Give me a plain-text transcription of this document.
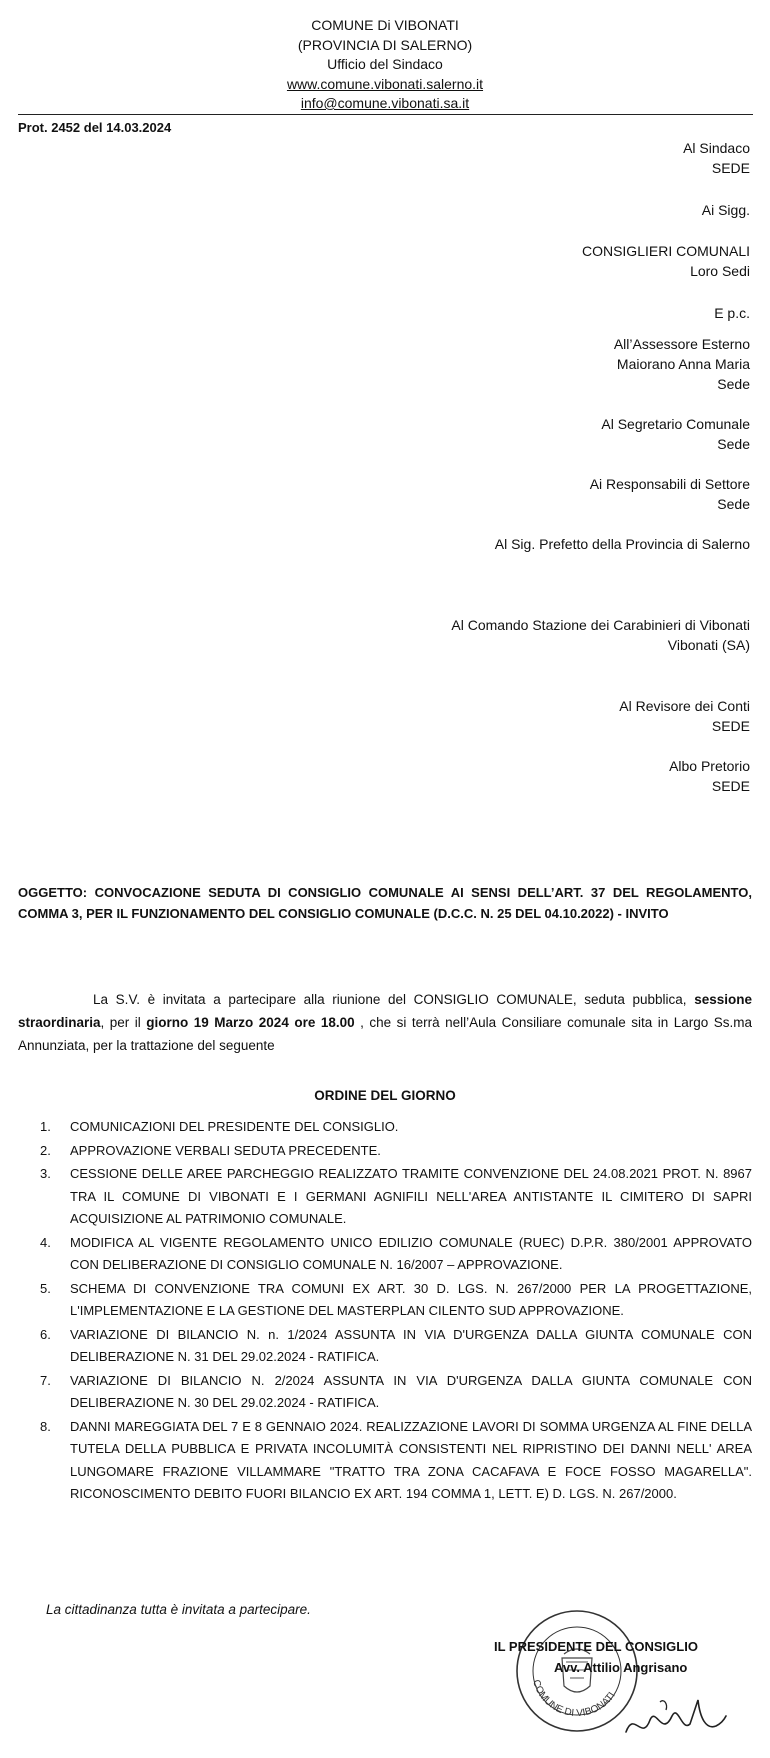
COMUNE Di VIBONATI
(PROVINCIA DI SALERNO)
Ufficio del Sindaco
www.comune.vibonati.salerno.it
info@comune.vibonati.sa.it
Prot. 2452 del 14.03.2024
Al Sindaco
SEDE
Ai Sigg.
CONSIGLIERI COMUNALI
Loro Sedi
E p.c.
All’Assessore Esterno
Maiorano Anna Maria
Sede
Al Segretario Comunale
Sede
Ai Responsabili di Settore
Sede
Al Sig. Prefetto della Provincia di Salerno
Al Comando Stazione dei Carabinieri di Vibonati
Vibonati (SA)
Al Revisore dei Conti
SEDE
Albo Pretorio
SEDE
OGGETTO: CONVOCAZIONE SEDUTA DI CONSIGLIO COMUNALE AI SENSI DELL’ART. 37 DEL REGOLAMENTO, COMMA 3, PER IL FUNZIONAMENTO DEL CONSIGLIO COMUNALE (D.C.C. N. 25 DEL 04.10.2022) - INVITO
La S.V. è invitata a partecipare alla riunione del CONSIGLIO COMUNALE, seduta pubblica, sessione straordinaria, per il giorno 19 Marzo 2024 ore 18.00 , che si terrà nell’Aula Consiliare comunale sita in Largo Ss.ma Annunziata, per la trattazione del seguente
ORDINE DEL GIORNO
1. COMUNICAZIONI DEL PRESIDENTE DEL CONSIGLIO.
2. APPROVAZIONE VERBALI SEDUTA PRECEDENTE.
3. CESSIONE DELLE AREE PARCHEGGIO REALIZZATO TRAMITE CONVENZIONE DEL 24.08.2021 PROT. N. 8967 TRA IL COMUNE DI VIBONATI E I GERMANI AGNIFILI NELL'AREA ANTISTANTE IL CIMITERO DI SAPRI ACQUISIZIONE AL PATRIMONIO COMUNALE.
4. MODIFICA AL VIGENTE REGOLAMENTO UNICO EDILIZIO COMUNALE (RUEC) D.P.R. 380/2001 APPROVATO CON DELIBERAZIONE DI CONSIGLIO COMUNALE N. 16/2007 – APPROVAZIONE.
5. SCHEMA DI CONVENZIONE TRA COMUNI EX ART. 30 D. LGS. N. 267/2000 PER LA PROGETTAZIONE, L'IMPLEMENTAZIONE E LA GESTIONE DEL MASTERPLAN CILENTO SUD APPROVAZIONE.
6. VARIAZIONE DI BILANCIO N. n. 1/2024 ASSUNTA IN VIA D'URGENZA DALLA GIUNTA COMUNALE CON DELIBERAZIONE N. 31 DEL 29.02.2024 - RATIFICA.
7. VARIAZIONE DI BILANCIO N. 2/2024 ASSUNTA IN VIA D'URGENZA DALLA GIUNTA COMUNALE CON DELIBERAZIONE N. 30 DEL 29.02.2024 - RATIFICA.
8. DANNI MAREGGIATA DEL 7 E 8 GENNAIO 2024. REALIZZAZIONE LAVORI DI SOMMA URGENZA AL FINE DELLA TUTELA DELLA PUBBLICA E PRIVATA INCOLUMITÀ CONSISTENTI NEL RIPRISTINO DEI DANNI NELL' AREA LUNGOMARE FRAZIONE VILLAMMARE "TRATTO TRA ZONA CACAFAVA E FOCE FOSSO MAGARELLA". RICONOSCIMENTO DEBITO FUORI BILANCIO EX ART. 194 COMMA 1, LETT. E) D. LGS. N. 267/2000.
La cittadinanza tutta è invitata a partecipare.
COMUNE DI VIBONATI
IL PRESIDENTE DEL CONSIGLIO
Avv. Attilio Angrisano
